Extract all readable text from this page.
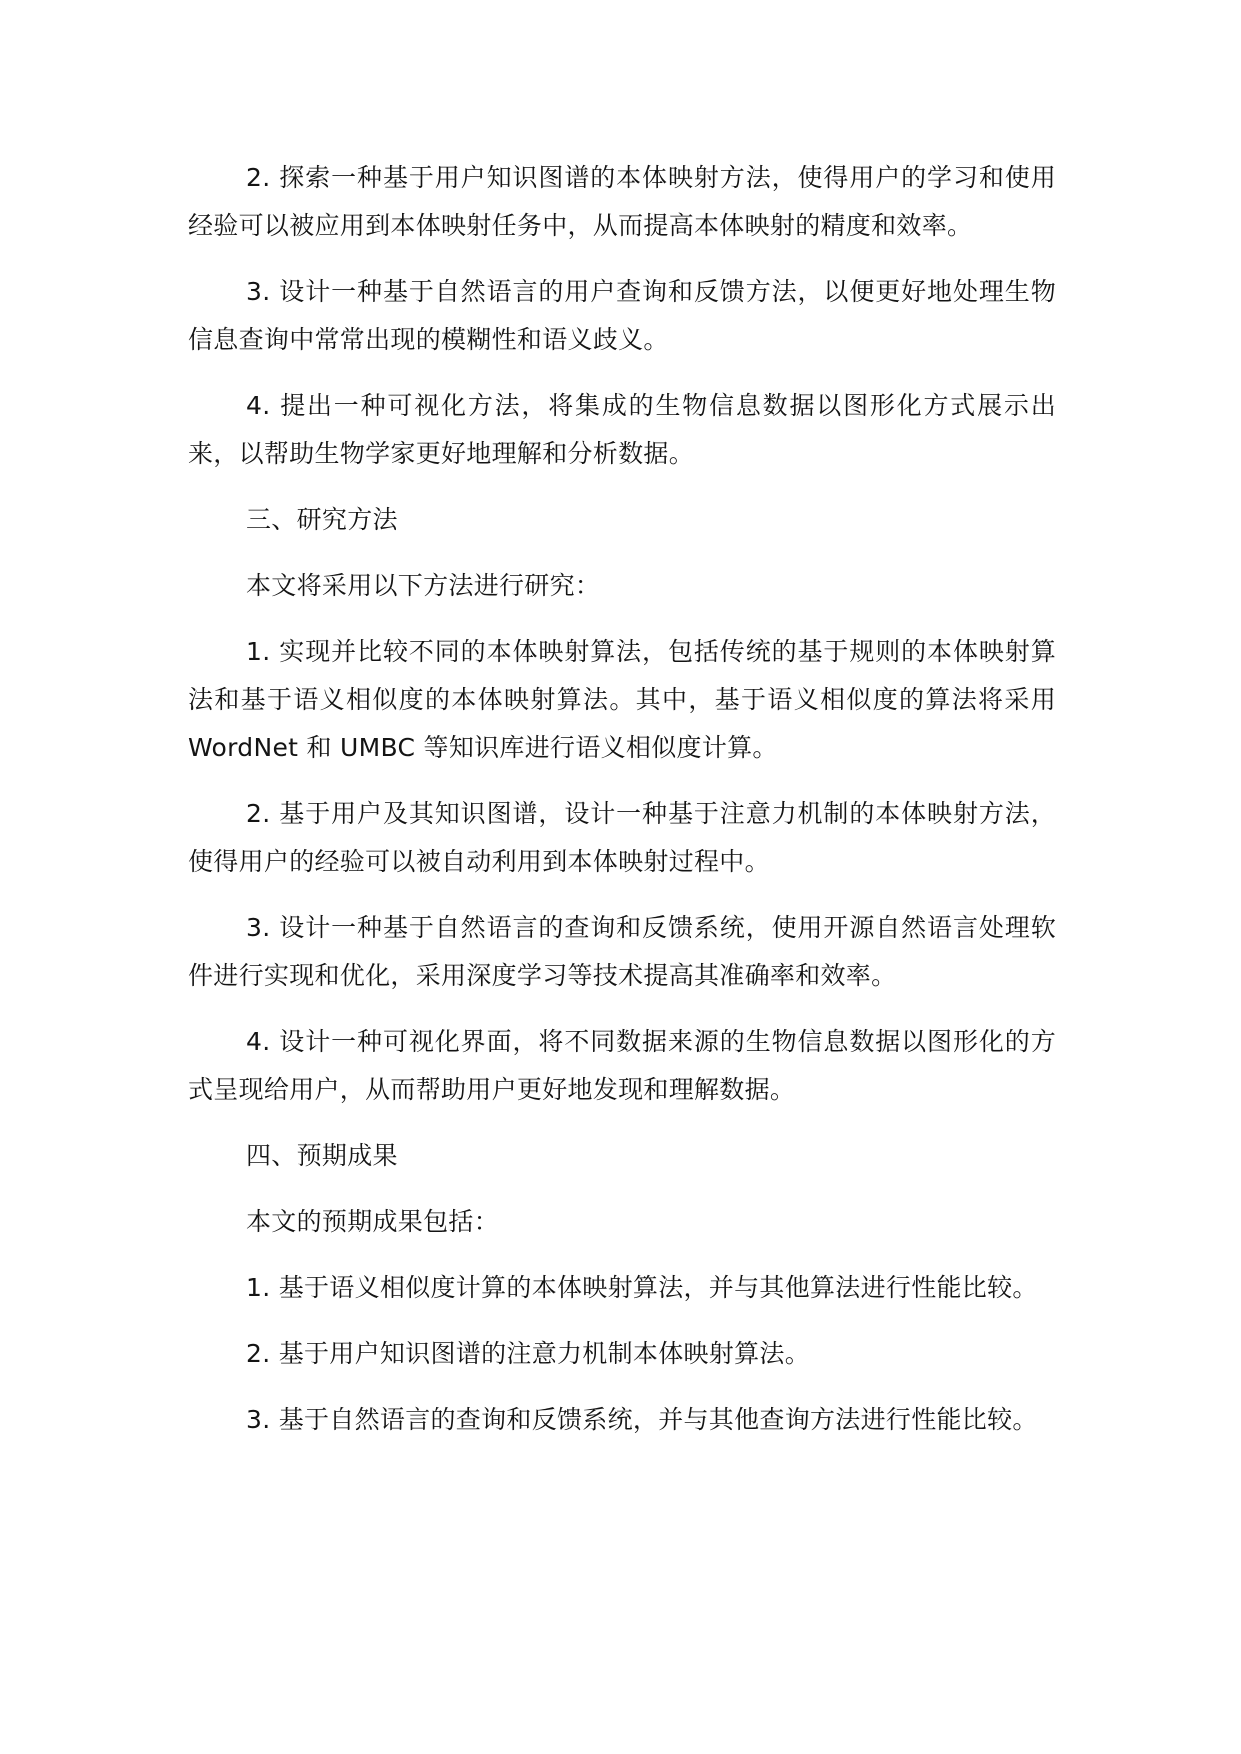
2. 探索一种基于用户知识图谱的本体映射方法，使得用户的学习和使用经验可以被应用到本体映射任务中，从而提高本体映射的精度和效率。

3. 设计一种基于自然语言的用户查询和反馈方法，以便更好地处理生物信息查询中常常出现的模糊性和语义歧义。

4. 提出一种可视化方法，将集成的生物信息数据以图形化方式展示出来，以帮助生物学家更好地理解和分析数据。

三、研究方法

本文将采用以下方法进行研究：

1. 实现并比较不同的本体映射算法，包括传统的基于规则的本体映射算法和基于语义相似度的本体映射算法。其中，基于语义相似度的算法将采用 WordNet 和 UMBC 等知识库进行语义相似度计算。

2. 基于用户及其知识图谱，设计一种基于注意力机制的本体映射方法，使得用户的经验可以被自动利用到本体映射过程中。

3. 设计一种基于自然语言的查询和反馈系统，使用开源自然语言处理软件进行实现和优化，采用深度学习等技术提高其准确率和效率。

4. 设计一种可视化界面，将不同数据来源的生物信息数据以图形化的方式呈现给用户，从而帮助用户更好地发现和理解数据。

四、预期成果

本文的预期成果包括：

1. 基于语义相似度计算的本体映射算法，并与其他算法进行性能比较。

2. 基于用户知识图谱的注意力机制本体映射算法。

3. 基于自然语言的查询和反馈系统，并与其他查询方法进行性能比较。
